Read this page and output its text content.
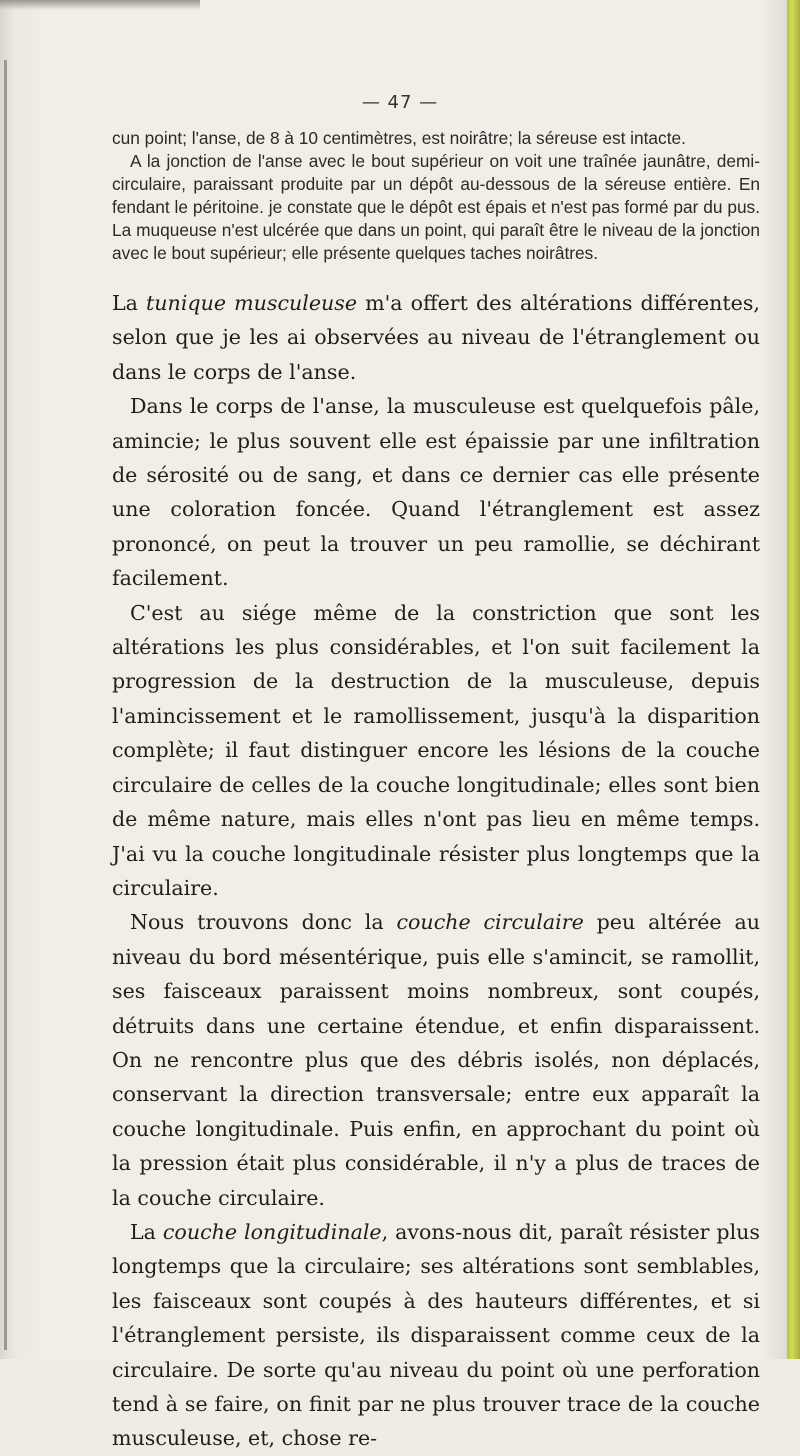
— 47 —

cun point; l'anse, de 8 à 10 centimètres, est noirâtre; la séreuse est intacte.

A la jonction de l'anse avec le bout supérieur on voit une traînée jaunâtre, demi-circulaire, paraissant produite par un dépôt au-dessous de la séreuse entière. En fendant le péritoine. je constate que le dépôt est épais et n'est pas formé par du pus. La muqueuse n'est ulcérée que dans un point, qui paraît être le niveau de la jonction avec le bout supérieur; elle présente quelques taches noirâtres.

La tunique musculeuse m'a offert des altérations différentes, selon que je les ai observées au niveau de l'étranglement ou dans le corps de l'anse.

Dans le corps de l'anse, la musculeuse est quelquefois pâle, amincie; le plus souvent elle est épaissie par une infiltration de sérosité ou de sang, et dans ce dernier cas elle présente une coloration foncée. Quand l'étranglement est assez prononcé, on peut la trouver un peu ramollie, se déchirant facilement.

C'est au siége même de la constriction que sont les altérations les plus considérables, et l'on suit facilement la progression de la destruction de la musculeuse, depuis l'amincissement et le ramollissement, jusqu'à la disparition complète; il faut distinguer encore les lésions de la couche circulaire de celles de la couche longitudinale; elles sont bien de même nature, mais elles n'ont pas lieu en même temps. J'ai vu la couche longitudinale résister plus longtemps que la circulaire.

Nous trouvons donc la couche circulaire peu altérée au niveau du bord mésentérique, puis elle s'amincit, se ramollit, ses faisceaux paraissent moins nombreux, sont coupés, détruits dans une certaine étendue, et enfin disparaissent. On ne rencontre plus que des débris isolés, non déplacés, conservant la direction transversale; entre eux apparaît la couche longitudinale. Puis enfin, en approchant du point où la pression était plus considérable, il n'y a plus de traces de la couche circulaire.

La couche longitudinale, avons-nous dit, paraît résister plus longtemps que la circulaire; ses altérations sont semblables, les faisceaux sont coupés à des hauteurs différentes, et si l'étranglement persiste, ils disparaissent comme ceux de la circulaire. De sorte qu'au niveau du point où une perforation tend à se faire, on finit par ne plus trouver trace de la couche musculeuse, et, chose re-
